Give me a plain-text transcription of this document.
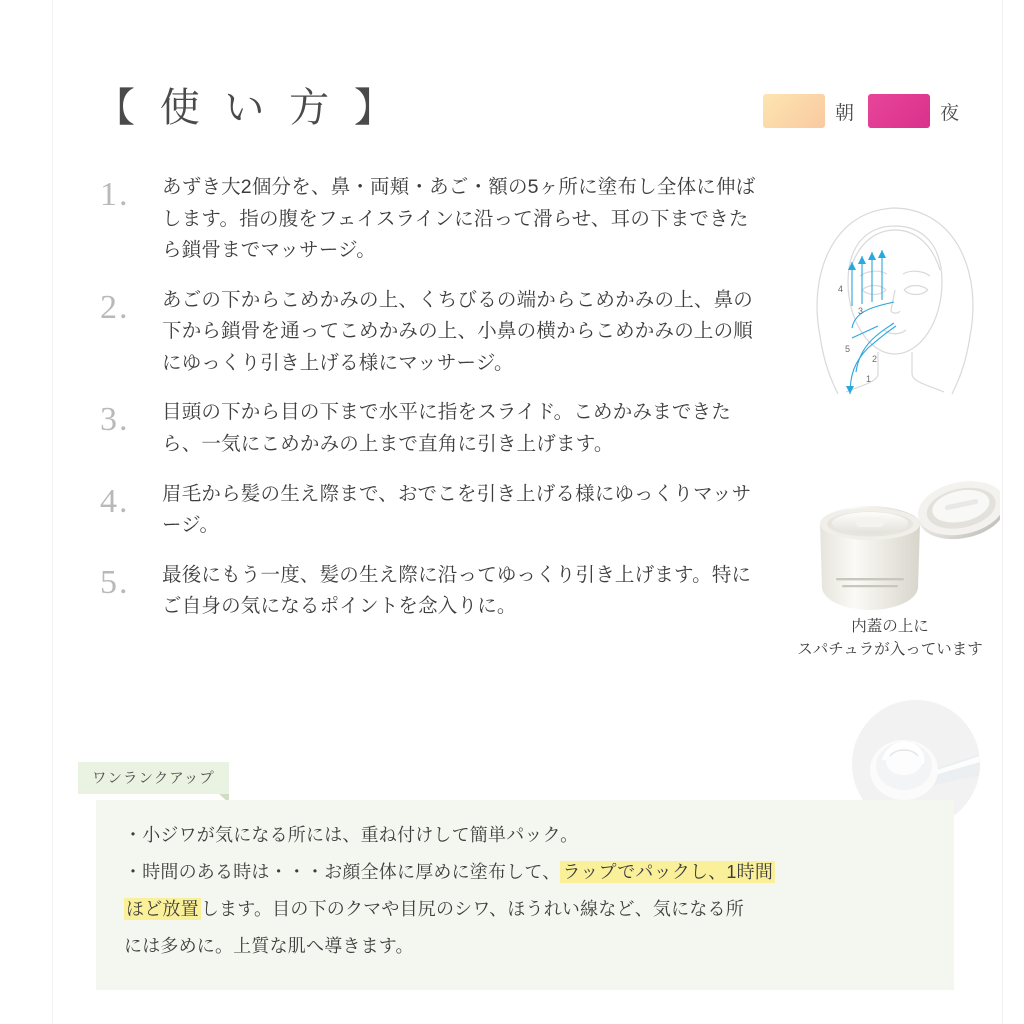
【 使 い 方 】	朝	夜
1.	あずき大2個分を、鼻・両頬・あご・額の5ヶ所に塗布し全体に伸ばします。指の腹をフェイスラインに沿って滑らせ、耳の下まできたら鎖骨までマッサージ。
2.	あごの下からこめかみの上、くちびるの端からこめかみの上、鼻の下から鎖骨を通ってこめかみの上、小鼻の横からこめかみの上の順にゆっくり引き上げる様にマッサージ。
3.	目頭の下から目の下まで水平に指をスライド。こめかみまできたら、一気にこめかみの上まで直角に引き上げます。
4.	眉毛から髪の生え際まで、おでこを引き上げる様にゆっくりマッサージ。
5.	最後にもう一度、髪の生え際に沿ってゆっくり引き上げます。特にご自身の気になるポイントを念入りに。
1
2
3
4
5
内蓋の上に
スパチュラが入っています
ワンランクアップ
・小ジワが気になる所には、重ね付けして簡単パック。
・時間のある時は・・・お顔全体に厚めに塗布して、 ラップでパックし、1時間
ほど放置 します。目の下のクマや目尻のシワ、ほうれい線など、気になる所
には多めに。上質な肌へ導きます。
